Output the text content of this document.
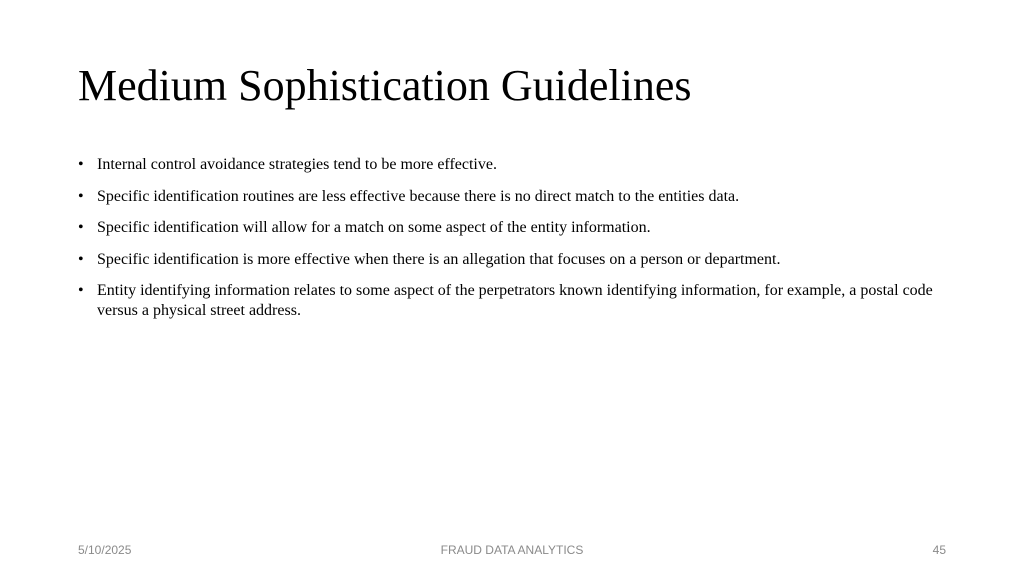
Medium Sophistication Guidelines
• Internal control avoidance strategies tend to be more effective.
• Specific identification routines are less effective because there is no direct match to the entities data.
• Specific identification will allow for a match on some aspect of the entity information.
• Specific identification is more effective when there is an allegation that focuses on a person or department.
• Entity identifying information relates to some aspect of the perpetrators known identifying information, for example, a postal code versus a physical street address.
5/10/2025	FRAUD DATA ANALYTICS	45
